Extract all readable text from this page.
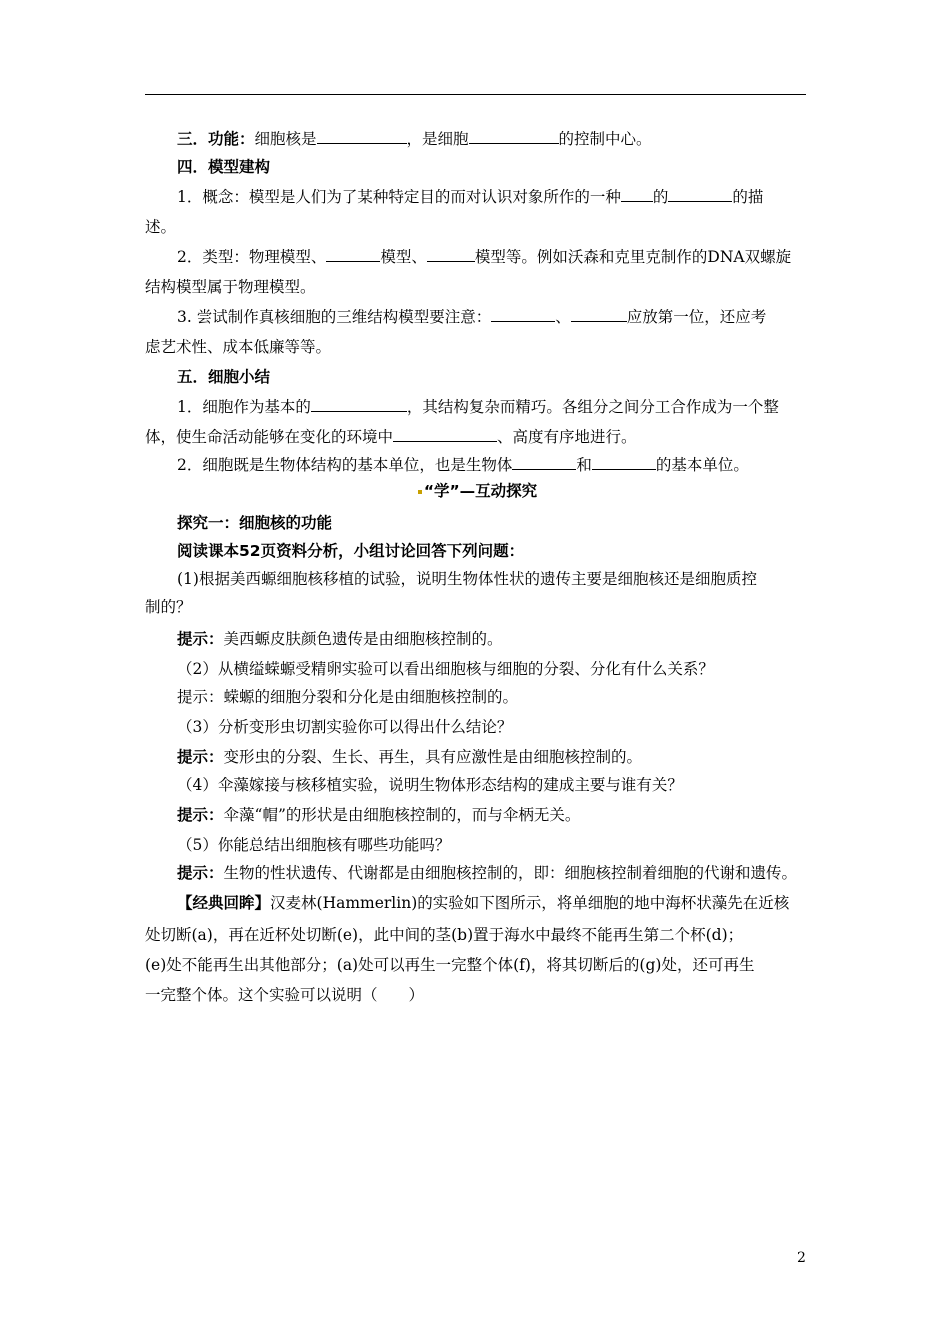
三．功能：细胞核是	，是细胞	的控制中心。
四．模型建构
1．概念：模型是人们为了某种特定目的而对认识对象所作的一种 的	的描
述。
2．类型：物理模型、	模型、	模型等。例如沃森和克里克制作的DNA双螺旋
结构模型属于物理模型。
3. 尝试制作真核细胞的三维结构模型要注意：	、	应放第一位，还应考
虑艺术性、成本低廉等等。
五．细胞小结
1．细胞作为基本的	，其结构复杂而精巧。各组分之间分工合作成为一个整
体，使生命活动能够在变化的环境中	、高度有序地进行。
2．细胞既是生物体结构的基本单位，也是生物体	和	的基本单位。
“学”—互动探究
探究一：细胞核的功能
阅读课本52页资料分析，小组讨论回答下列问题：
(1)根据美西螈细胞核移植的试验，说明生物体性状的遗传主要是细胞核还是细胞质控
制的？
提示：美西螈皮肤颜色遗传是由细胞核控制的。
（2）从横缢蝾螈受精卵实验可以看出细胞核与细胞的分裂、分化有什么关系？
提示：蝾螈的细胞分裂和分化是由细胞核控制的。
（3）分析变形虫切割实验你可以得出什么结论？
提示：变形虫的分裂、生长、再生，具有应激性是由细胞核控制的。
（4）伞藻嫁接与核移植实验，说明生物体形态结构的建成主要与谁有关？
提示：伞藻“帽”的形状是由细胞核控制的，而与伞柄无关。
（5）你能总结出细胞核有哪些功能吗？
提示：生物的性状遗传、代谢都是由细胞核控制的，即：细胞核控制着细胞的代谢和遗传。
【经典回眸】汉麦林(Hammerlin)的实验如下图所示，将单细胞的地中海杯状藻先在近核
处切断(a)，再在近杯处切断(e)，此中间的茎(b)置于海水中最终不能再生第二个杯(d)；
(e)处不能再生出其他部分；(a)处可以再生一完整个体(f)，将其切断后的(g)处，还可再生
一完整个体。这个实验可以说明（　　）
2
